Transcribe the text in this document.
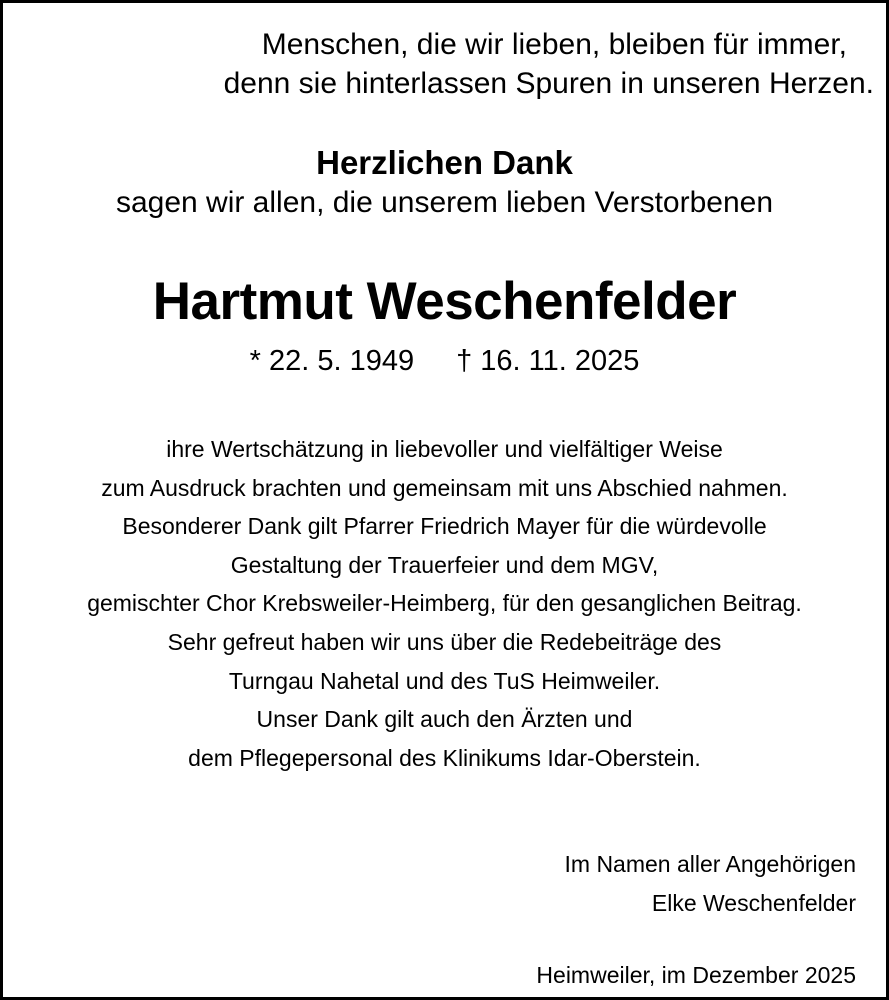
Menschen, die wir lieben, bleiben für immer,
denn sie hinterlassen Spuren in unseren Herzen.
Herzlichen Dank
sagen wir allen, die unserem lieben Verstorbenen
Hartmut Weschenfelder
* 22. 5. 1949 † 16. 11. 2025
ihre Wertschätzung in liebevoller und vielfältiger Weise
zum Ausdruck brachten und gemeinsam mit uns Abschied nahmen.
Besonderer Dank gilt Pfarrer Friedrich Mayer für die würdevolle
Gestaltung der Trauerfeier und dem MGV,
gemischter Chor Krebsweiler-Heimberg, für den gesanglichen Beitrag.
Sehr gefreut haben wir uns über die Redebeiträge des
Turngau Nahetal und des TuS Heimweiler.
Unser Dank gilt auch den Ärzten und
dem Pflegepersonal des Klinikums Idar-Oberstein.
Im Namen aller Angehörigen
Elke Weschenfelder
Heimweiler, im Dezember 2025
